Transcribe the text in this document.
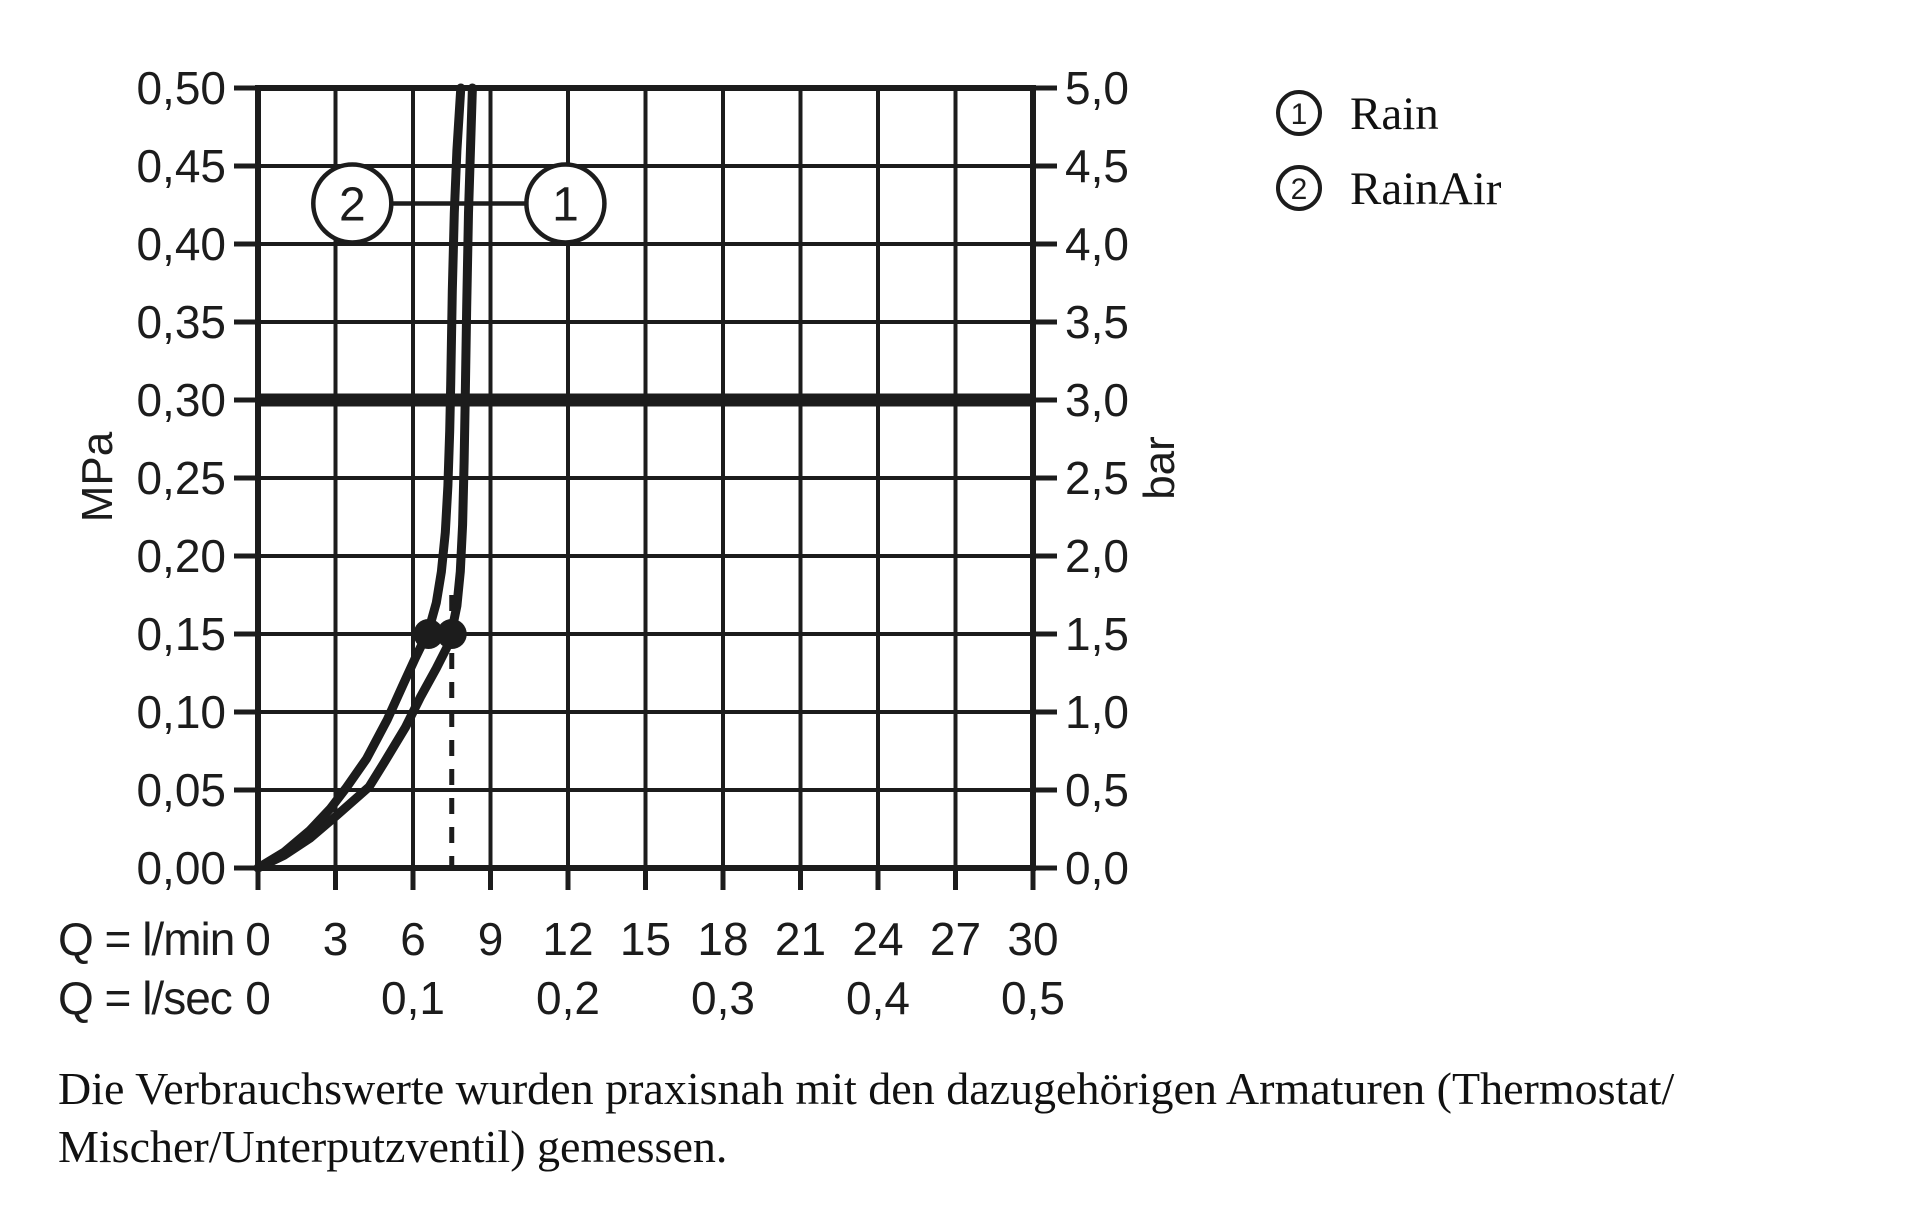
0,50
0,45
0,40
0,35
0,30
0,25
0,20
0,15
0,10
0,05
0,00
5,0
4,5
4,0
3,5
3,0
2,5
2,0
1,5
1,0
0,5
0,0
0 3 6 9 12 15 18 21 24 27 30
0 0,1 0,2 0,3 0,4 0,5
1
2
MPa	bar
Q = l/min
Q = l/sec
1 Rain
2 RainAir
Die Verbrauchswerte wurden praxisnah mit den dazugehörigen Armaturen (Thermostat/
Mischer/Unterputzventil) gemessen.
